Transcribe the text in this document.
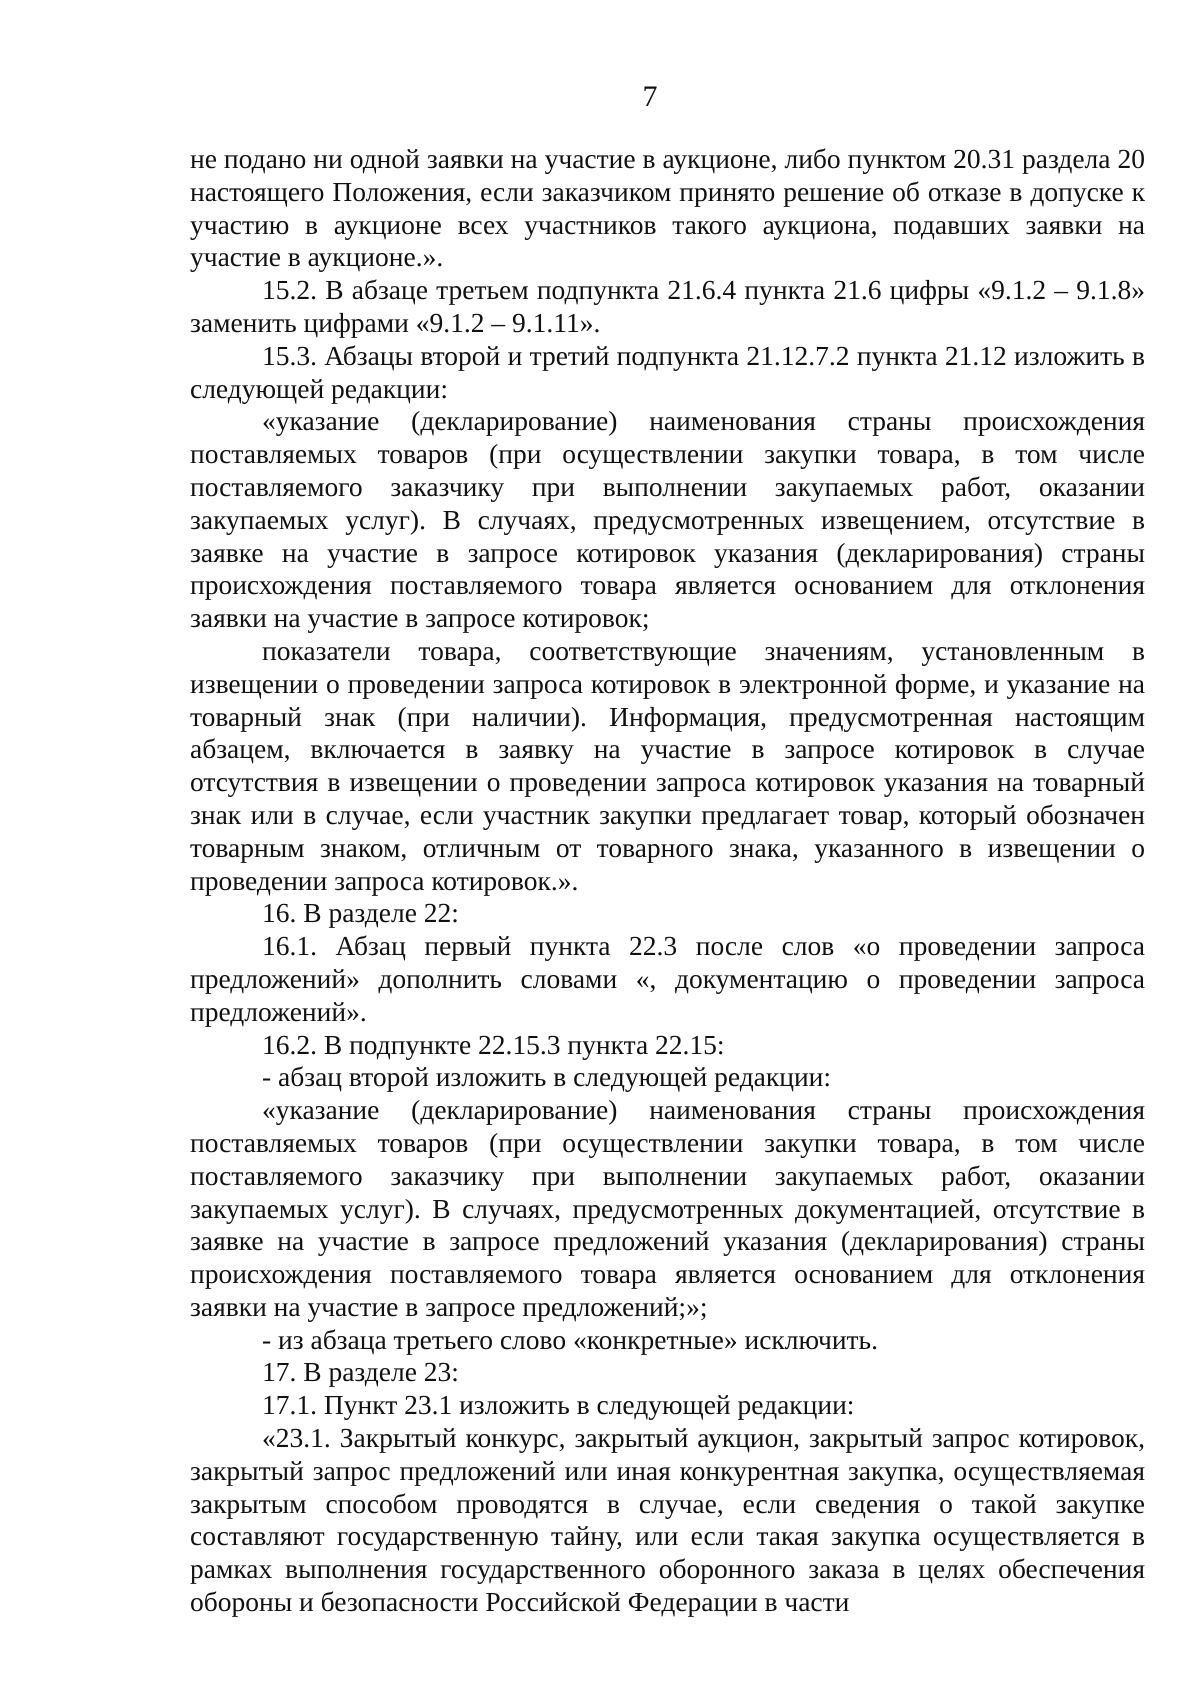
7

не подано ни одной заявки на участие в аукционе, либо пунктом 20.31 раздела 20 настоящего Положения, если заказчиком принято решение об отказе в допуске к участию в аукционе всех участников такого аукциона, подавших заявки на участие в аукционе.».

15.2. В абзаце третьем подпункта 21.6.4 пункта 21.6 цифры «9.1.2 – 9.1.8» заменить цифрами «9.1.2 – 9.1.11».

15.3. Абзацы второй и третий подпункта 21.12.7.2 пункта 21.12 изложить в следующей редакции:

«указание (декларирование) наименования страны происхождения поставляемых товаров (при осуществлении закупки товара, в том числе поставляемого заказчику при выполнении закупаемых работ, оказании закупаемых услуг). В случаях, предусмотренных извещением, отсутствие в заявке на участие в запросе котировок указания (декларирования) страны происхождения поставляемого товара является основанием для отклонения заявки на участие в запросе котировок;

показатели товара, соответствующие значениям, установленным в извещении о проведении запроса котировок в электронной форме, и указание на товарный знак (при наличии). Информация, предусмотренная настоящим абзацем, включается в заявку на участие в запросе котировок в случае отсутствия в извещении о проведении запроса котировок указания на товарный знак или в случае, если участник закупки предлагает товар, который обозначен товарным знаком, отличным от товарного знака, указанного в извещении о проведении запроса котировок.».

16. В разделе 22:

16.1. Абзац первый пункта 22.3 после слов «о проведении запроса предложений» дополнить словами «, документацию о проведении запроса предложений».

16.2. В подпункте 22.15.3 пункта 22.15:

- абзац второй изложить в следующей редакции:

«указание (декларирование) наименования страны происхождения поставляемых товаров (при осуществлении закупки товара, в том числе поставляемого заказчику при выполнении закупаемых работ, оказании закупаемых услуг). В случаях, предусмотренных документацией, отсутствие в заявке на участие в запросе предложений указания (декларирования) страны происхождения поставляемого товара является основанием для отклонения заявки на участие в запросе предложений;»;

- из абзаца третьего слово «конкретные» исключить.

17. В разделе 23:

17.1. Пункт 23.1 изложить в следующей редакции:

«23.1. Закрытый конкурс, закрытый аукцион, закрытый запрос котировок, закрытый запрос предложений или иная конкурентная закупка, осуществляемая закрытым способом проводятся в случае, если сведения о такой закупке составляют государственную тайну, или если такая закупка осуществляется в рамках выполнения государственного оборонного заказа в целях обеспечения обороны и безопасности Российской Федерации в части
